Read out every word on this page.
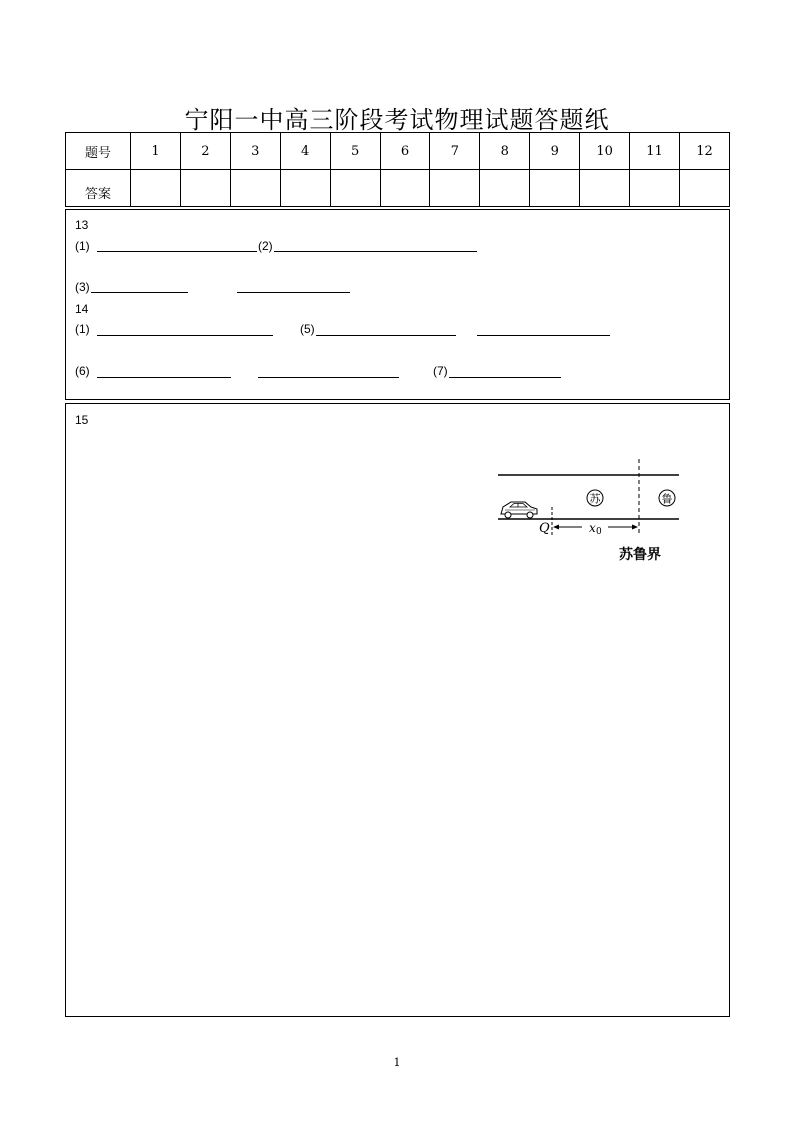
宁阳一中高三阶段考试物理试题答题纸
题号	1	2	3	4	5	6	7	8	9	10	11	12
答案												
13
(1)	(2)
(3)
14
(1)	(5)
(6)	(7)
15
苏	鲁
Q	x 0
苏鲁界
1
